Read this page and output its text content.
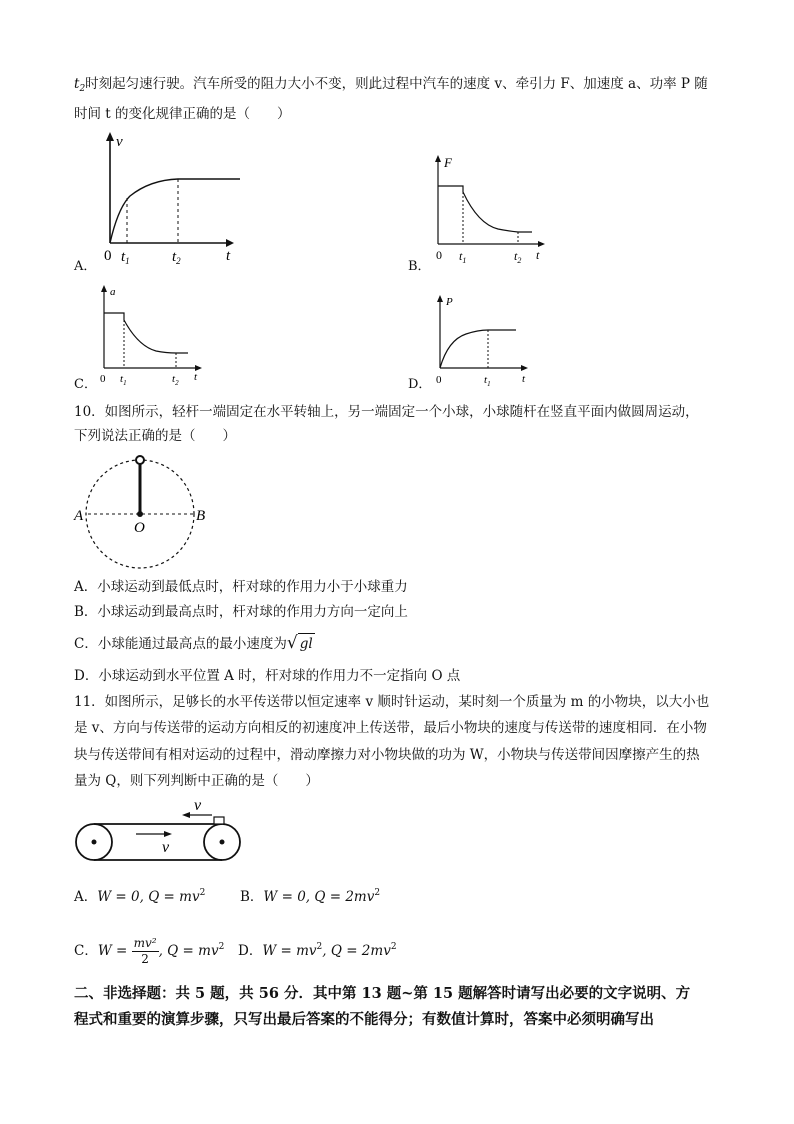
$t_2$时刻起匀速行驶。汽车所受的阻力大小不变，则此过程中汽车的速度 v、牵引力 F、加速度 a、功率 P 随
时间 t 的变化规律正确的是（　　）
A．
v
0 $t_1$	$t_2$	t
B．
F
0 $t_1$	$t_2$ t
C．
a
0 $t_1$	$t_2$ t	D．
P
0	$t_1$	t
10．如图所示，轻杆一端固定在水平转轴上，另一端固定一个小球，小球随杆在竖直平面内做圆周运动，
下列说法正确的是（　　）
A	B
O
A．小球运动到最低点时，杆对球的作用力小于小球重力
B．小球运动到最高点时，杆对球的作用力方向一定向上
C．小球能通过最高点的最小速度为√ gl
D．小球运动到水平位置 A 时，杆对球的作用力不一定指向 O 点
11．如图所示，足够长的水平传送带以恒定速率 v 顺时针运动，某时刻一个质量为 m 的小物块，以大小也
是 v、方向与传送带的运动方向相反的初速度冲上传送带，最后小物块的速度与传送带的速度相同．在小物
块与传送带间有相对运动的过程中，滑动摩擦力对小物块做的功为 W，小物块与传送带间因摩擦产生的热
量为 Q，则下列判断中正确的是（　　）
v
v
A．W = 0, $Q = mv^2$	B．W = 0, $Q = 2mv^2$
C．$W = \frac{\text{mv²}}{2}$ , $Q = mv^2$ D．$W = mv^2$, $Q = 2mv^2$
二、非选择题：共 5 题，共 56 分．其中第 13 题~第 15 题解答时请写出必要的文字说明、方
程式和重要的演算步骤，只写出最后答案的不能得分；有数值计算时，答案中必须明确写出
